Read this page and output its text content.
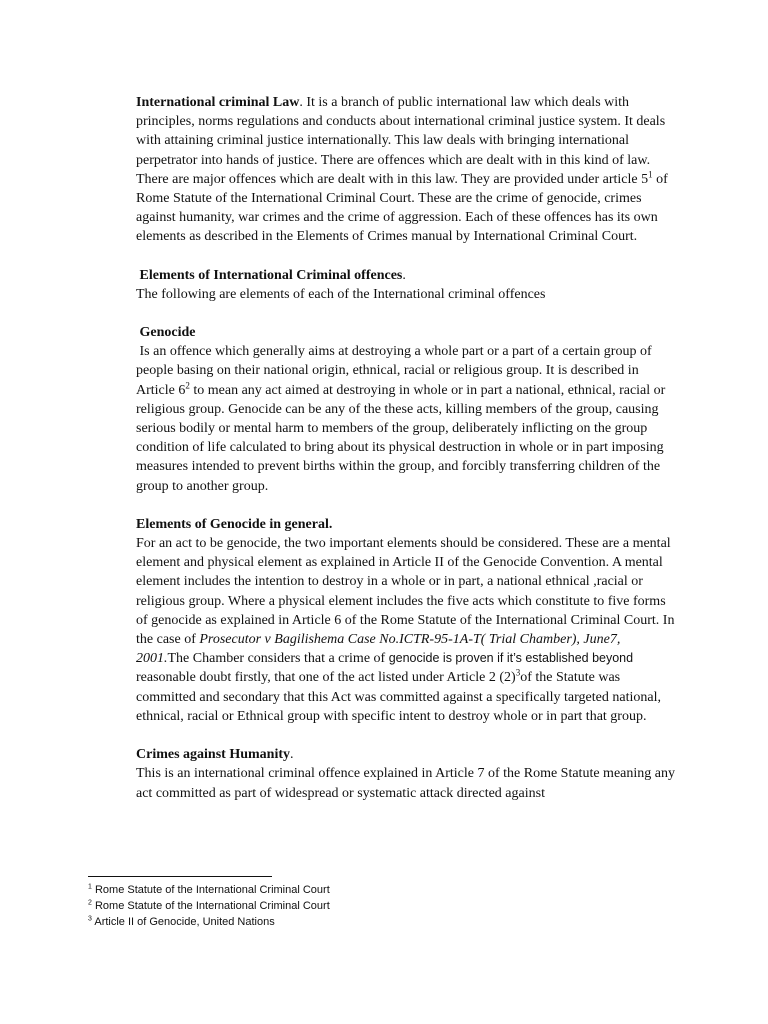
International criminal Law. It is a branch of public international law which deals with principles, norms regulations and conducts about international criminal justice system. It deals with attaining criminal justice internationally. This law deals with bringing international perpetrator into hands of justice. There are offences which are dealt with in this kind of law. There are major offences which are dealt with in this law. They are provided under article $5^1$ of Rome Statute of the International Criminal Court. These are the crime of genocide, crimes against humanity, war crimes and the crime of aggression. Each of these offences has its own elements as described in the Elements of Crimes manual by International Criminal Court.

Elements of International Criminal offences.

The following are elements of each of the International criminal offences

Genocide

Is an offence which generally aims at destroying a whole part or a part of a certain group of people basing on their national origin, ethnical, racial or religious group. It is described in Article $6^2$ to mean any act aimed at destroying in whole or in part a national, ethnical, racial or religious group. Genocide can be any of the these acts, killing members of the group, causing serious bodily or mental harm to members of the group, deliberately inflicting on the group condition of life calculated to bring about its physical destruction in whole or in part imposing measures intended to prevent births within the group, and forcibly transferring children of the group to another group.

Elements of Genocide in general.

For an act to be genocide, the two important elements should be considered. These are a mental element and physical element as explained in Article II of the Genocide Convention. A mental element includes the intention to destroy in a whole or in part, a national ethnical ,racial or religious group. Where a physical element includes the five acts which constitute to five forms of genocide as explained in Article 6 of the Rome Statute of the International Criminal Court. In the case of Prosecutor v Bagilishema Case No.ICTR-95-1A-T( Trial Chamber), June7, 2001.The Chamber considers that a crime of genocide is proven if it’s established beyond reasonable doubt firstly, that one of the act listed under Article 2 $(2)^3of$ the Statute was committed and secondary that this Act was committed against a specifically targeted national, ethnical, racial or Ethnical group with specific intent to destroy whole or in part that group.

Crimes against Humanity.

This is an international criminal offence explained in Article 7 of the Rome Statute meaning any act committed as part of widespread or systematic attack directed against

$^1$ Rome Statute of the International Criminal Court

$^2$ Rome Statute of the International Criminal Court

$^3$ Article II of Genocide, United Nations
